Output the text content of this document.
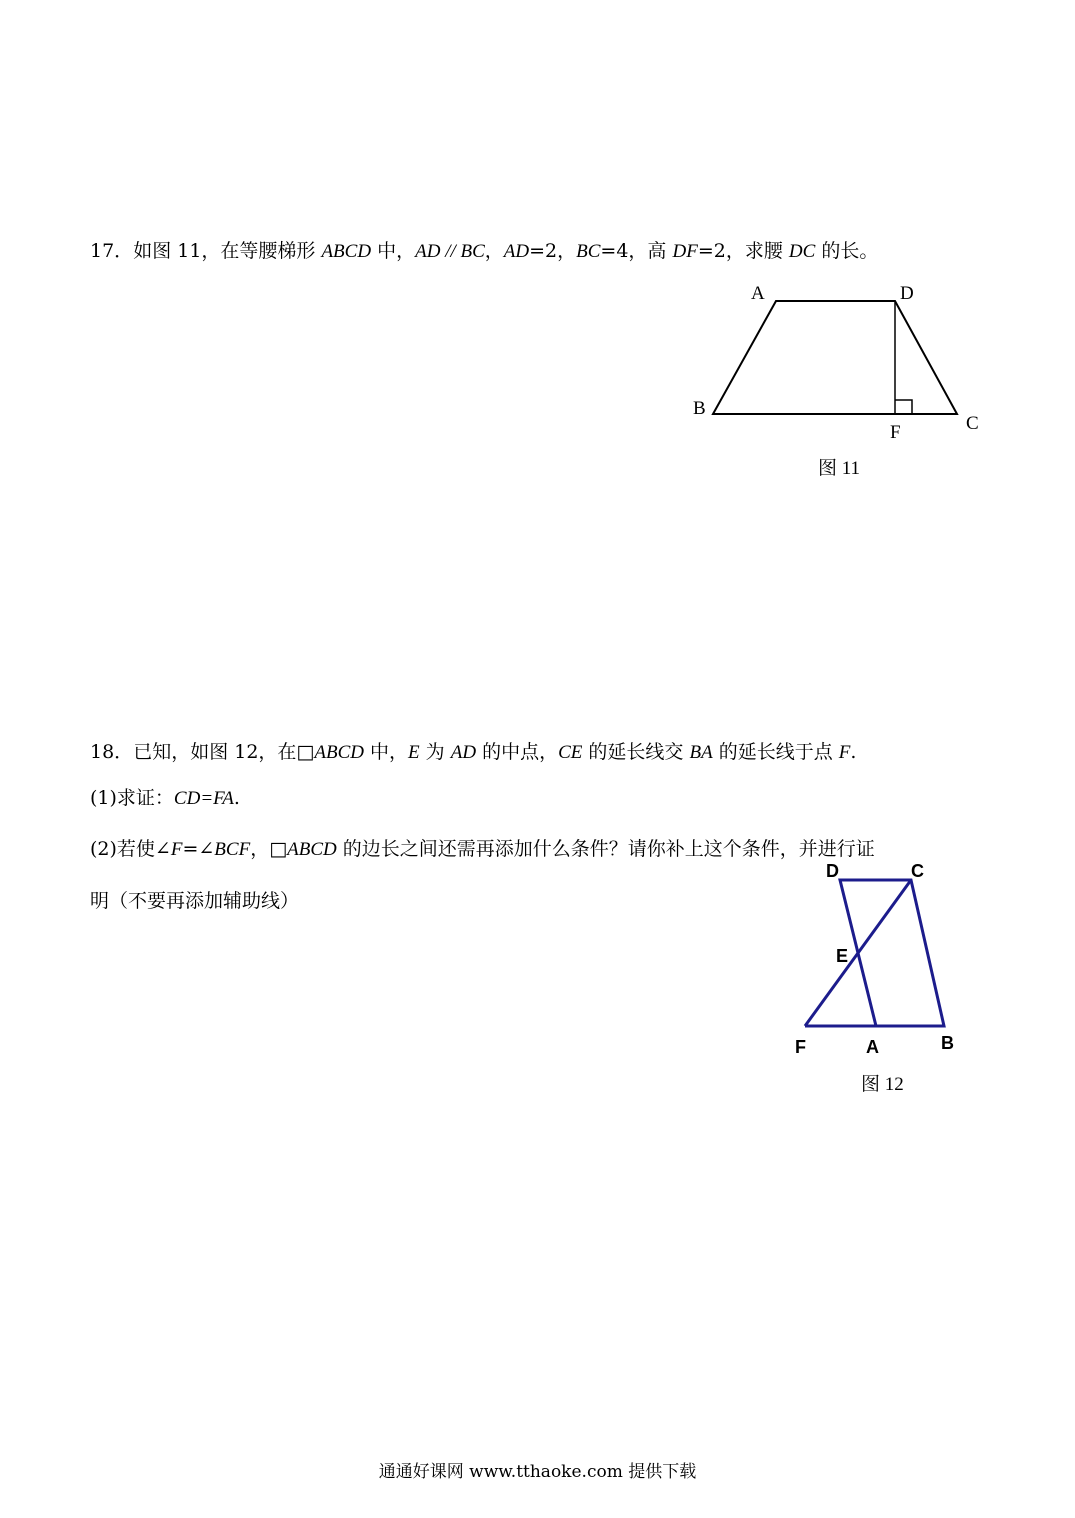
17．如图 11，在等腰梯形 ABCD 中，AD // BC，AD=2，BC=4，高 DF=2，求腰 DC 的长。
A	D
B
C
F
图 11
18．已知，如图 12，在□ABCD 中，E 为 AD 的中点，CE 的延长线交 BA 的延长线于点 F.
(1)求证：CD=FA.
(2)若使∠F=∠BCF，□ABCD 的边长之间还需再添加什么条件？请你补上这个条件，并进行证
明（不要再添加辅助线）
D	C
E
F	A	B
图 12
通通好课网 www.tthaoke.com 提供下载
